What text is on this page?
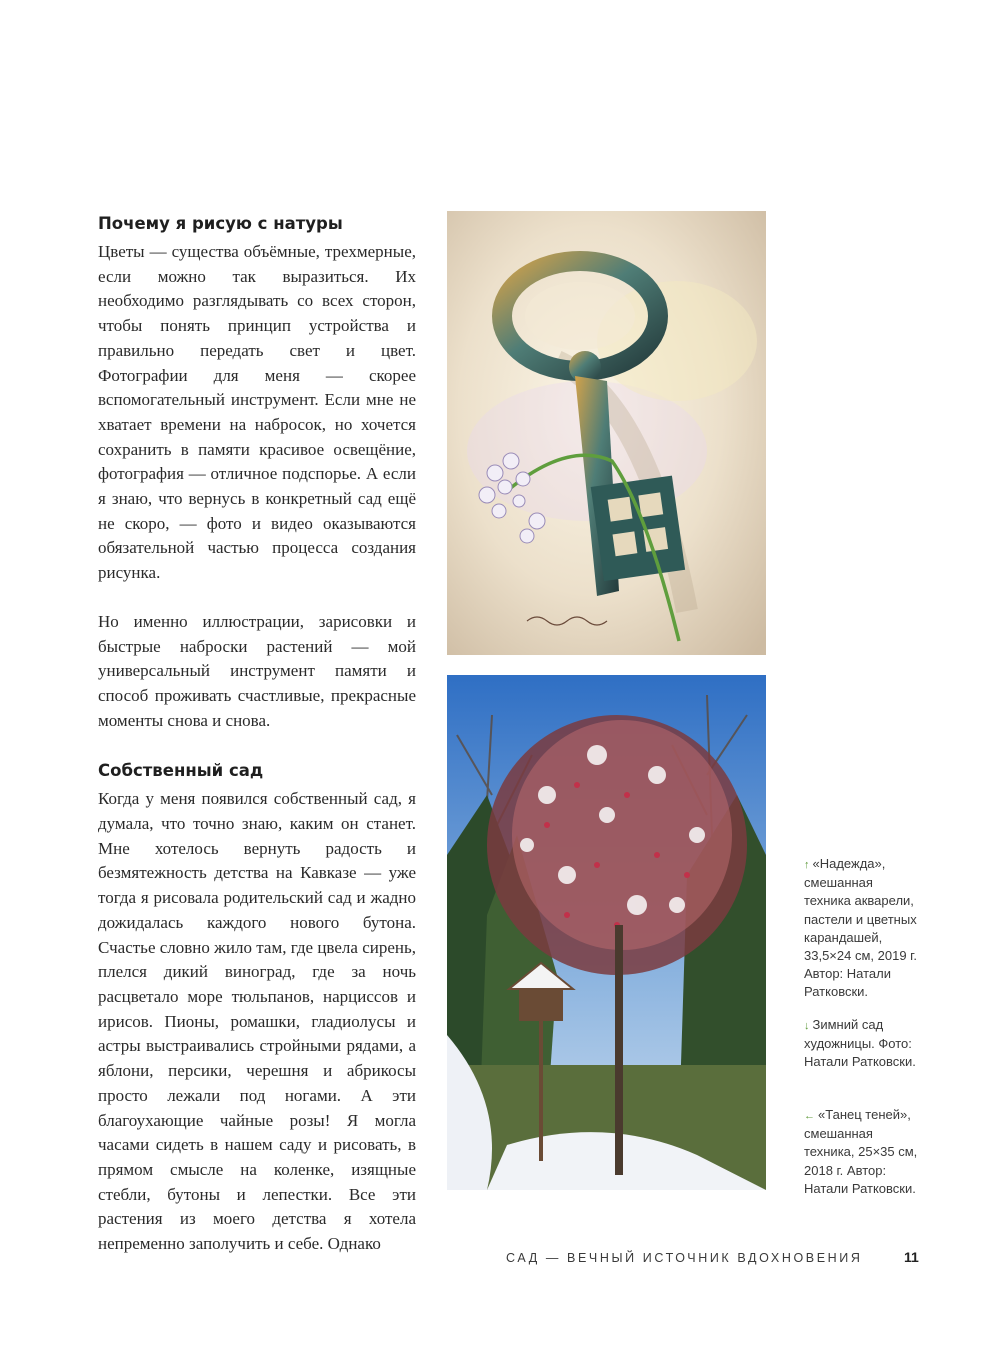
Почему я рисую с натуры

Цветы — существа объёмные, трехмерные, если можно так выразиться. Их необходимо разглядывать со всех сторон, чтобы понять принцип устройства и правильно передать свет и цвет. Фотографии для меня — скорее вспомогательный инструмент. Если мне не хватает времени на набросок, но хочется сохранить в памяти красивое освещёние, фотография — отличное подспорье. А если я знаю, что вернусь в конкретный сад ещё не скоро, — фото и видео оказываются обязательной частью процесса создания рисунка.

Но именно иллюстрации, зарисовки и быстрые наброски растений — мой универсальный инструмент памяти и способ проживать счастливые, прекрасные моменты снова и снова.

Собственный сад

Когда у меня появился собственный сад, я думала, что точно знаю, каким он станет. Мне хотелось вернуть радость и безмятежность детства на Кавказе — уже тогда я рисовала родительский сад и жадно дожидалась каждого нового бутона. Счастье словно жило там, где цвела сирень, плелся дикий виноград, где за ночь расцветало море тюльпанов, нарциссов и ирисов. Пионы, ромашки, гладиолусы и астры выстраивались стройными рядами, а яблони, персики, черешня и абрикосы просто лежали под ногами. А эти благоухающие чайные розы! Я могла часами сидеть в нашем саду и рисовать, в прямом смысле на коленке, изящные стебли, бутоны и лепестки. Все эти растения из моего детства я хотела непременно заполучить и себе. Однако

↑ «Надежда», смешанная техника акварели, пастели и цветных карандашей, 33,5×24 см, 2019 г. Автор: Натали Ратковски.
↓ Зимний сад художницы. Фото: Натали Ратковски.
← «Танец теней», смешанная техника, 25×35 см, 2018 г. Автор: Натали Ратковски.
САД — ВЕЧНЫЙ ИСТОЧНИК ВДОХНОВЕНИЯ	11
